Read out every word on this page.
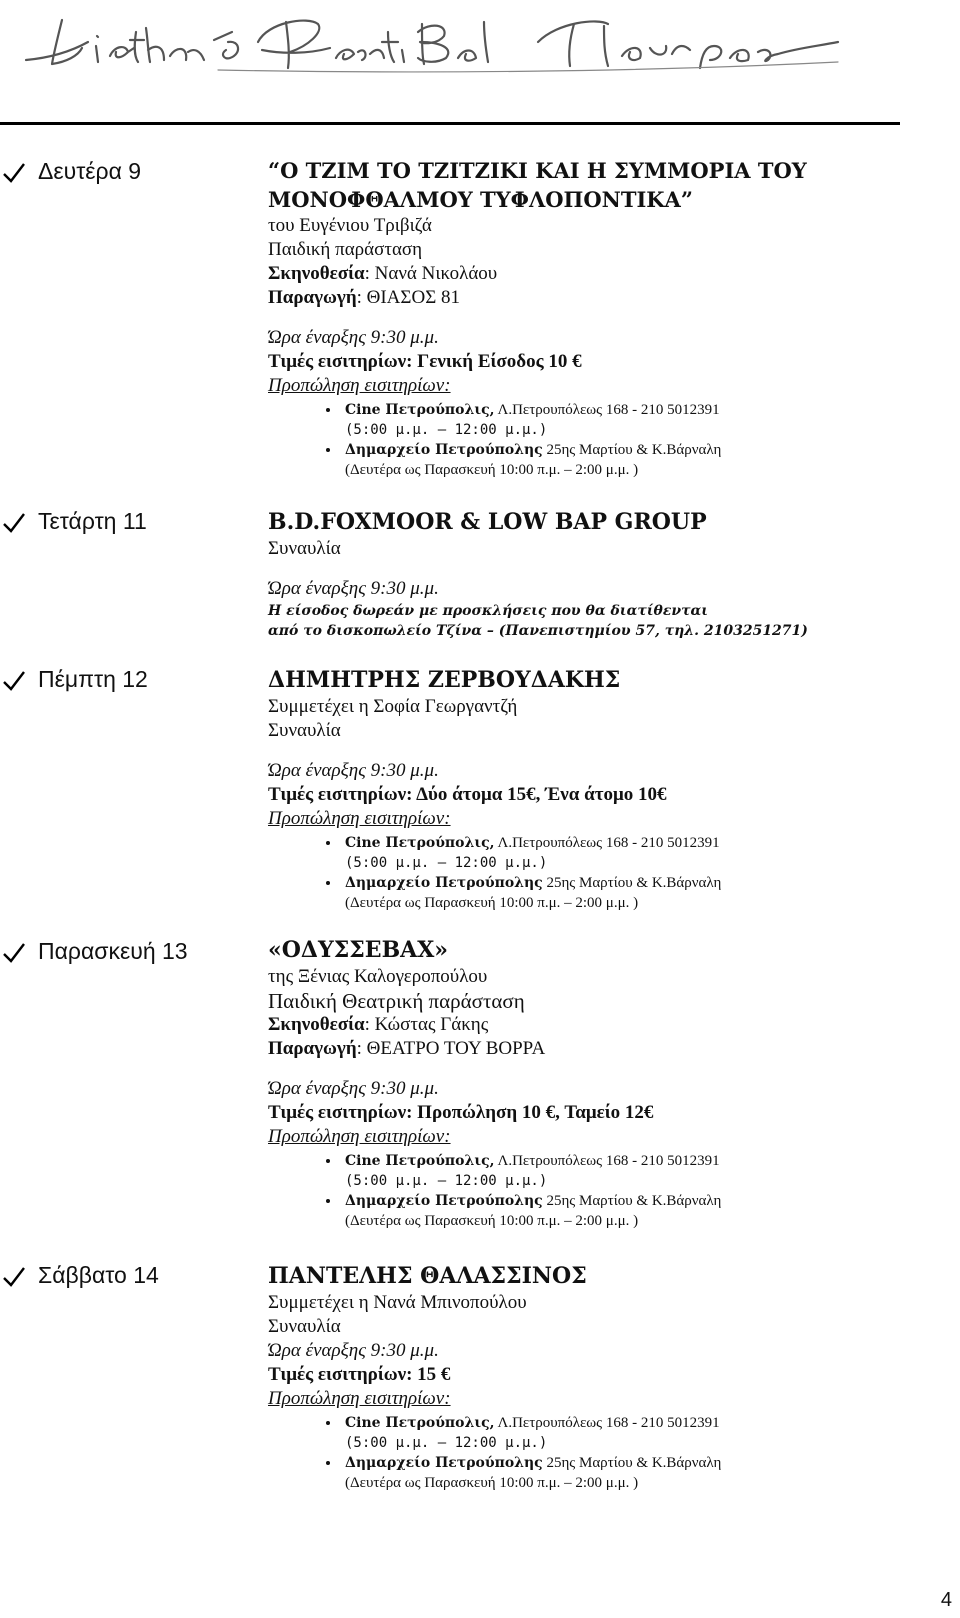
Δευτέρα 9	“Ο ΤΖΙΜ ΤΟ ΤΖΙΤΖΙΚΙ ΚΑΙ Η ΣΥΜΜΟΡΙΑ ΤΟΥ
ΜΟΝΟΦΘΑΛΜΟΥ ΤΥΦΛΟΠΟΝΤΙΚΑ”
του Ευγένιου Τριβιζά
Παιδική παράσταση
Σκηνοθεσία: Νανά Νικολάου
Παραγωγή: ΘΙΑΣΟΣ 81
Ώρα έναρξης 9:30 μ.μ.
Τιμές εισιτηρίων: Γενική Είσοδος 10 €
Προπώληση εισιτηρίων:
• Cine Πετρούπολις, Λ.Πετρουπόλεως 168 - 210 5012391
(5:00 μ.μ. – 12:00 μ.μ.)
• Δημαρχείο Πετρούπολης 25ης Μαρτίου & Κ.Βάρναλη
(Δευτέρα ως Παρασκευή 10:00 π.μ. – 2:00 μ.μ. )
Τετάρτη 11	B.D.FOXMOOR & LOW BAP GROUP
Συναυλία
Ώρα έναρξης 9:30 μ.μ.
Η είσοδος δωρεάν με προσκλήσεις που θα διατίθενται
από το δισκοπωλείο Τζίνα – (Πανεπιστημίου 57, τηλ. 2103251271)
Πέμπτη 12	ΔΗΜΗΤΡΗΣ ΖΕΡΒΟΥΔΑΚΗΣ
Συμμετέχει η Σοφία Γεωργαντζή
Συναυλία
Ώρα έναρξης 9:30 μ.μ.
Τιμές εισιτηρίων: Δύο άτομα 15€, Ένα άτομο 10€
Προπώληση εισιτηρίων:
• Cine Πετρούπολις, Λ.Πετρουπόλεως 168 - 210 5012391
(5:00 μ.μ. – 12:00 μ.μ.)
• Δημαρχείο Πετρούπολης 25ης Μαρτίου & Κ.Βάρναλη
(Δευτέρα ως Παρασκευή 10:00 π.μ. – 2:00 μ.μ. )
Παρασκευή 13	«ΟΔΥΣΣΕΒΑΧ»
της Ξένιας Καλογεροπούλου
Παιδική Θεατρική παράσταση
Σκηνοθεσία: Κώστας Γάκης
Παραγωγή: ΘΕΑΤΡΟ ΤΟΥ ΒΟΡΡΑ
Ώρα έναρξης 9:30 μ.μ.
Τιμές εισιτηρίων: Προπώληση 10 €, Ταμείο 12€
Προπώληση εισιτηρίων:
• Cine Πετρούπολις, Λ.Πετρουπόλεως 168 - 210 5012391
(5:00 μ.μ. – 12:00 μ.μ.)
• Δημαρχείο Πετρούπολης 25ης Μαρτίου & Κ.Βάρναλη
(Δευτέρα ως Παρασκευή 10:00 π.μ. – 2:00 μ.μ. )
Σάββατο 14	ΠΑΝΤΕΛΗΣ ΘΑΛΑΣΣΙΝΟΣ
Συμμετέχει η Νανά Μπινοπούλου
Συναυλία
Ώρα έναρξης 9:30 μ.μ.
Τιμές εισιτηρίων: 15 €
Προπώληση εισιτηρίων:
• Cine Πετρούπολις, Λ.Πετρουπόλεως 168 - 210 5012391
(5:00 μ.μ. – 12:00 μ.μ.)
• Δημαρχείο Πετρούπολης 25ης Μαρτίου & Κ.Βάρναλη
(Δευτέρα ως Παρασκευή 10:00 π.μ. – 2:00 μ.μ. )
4
